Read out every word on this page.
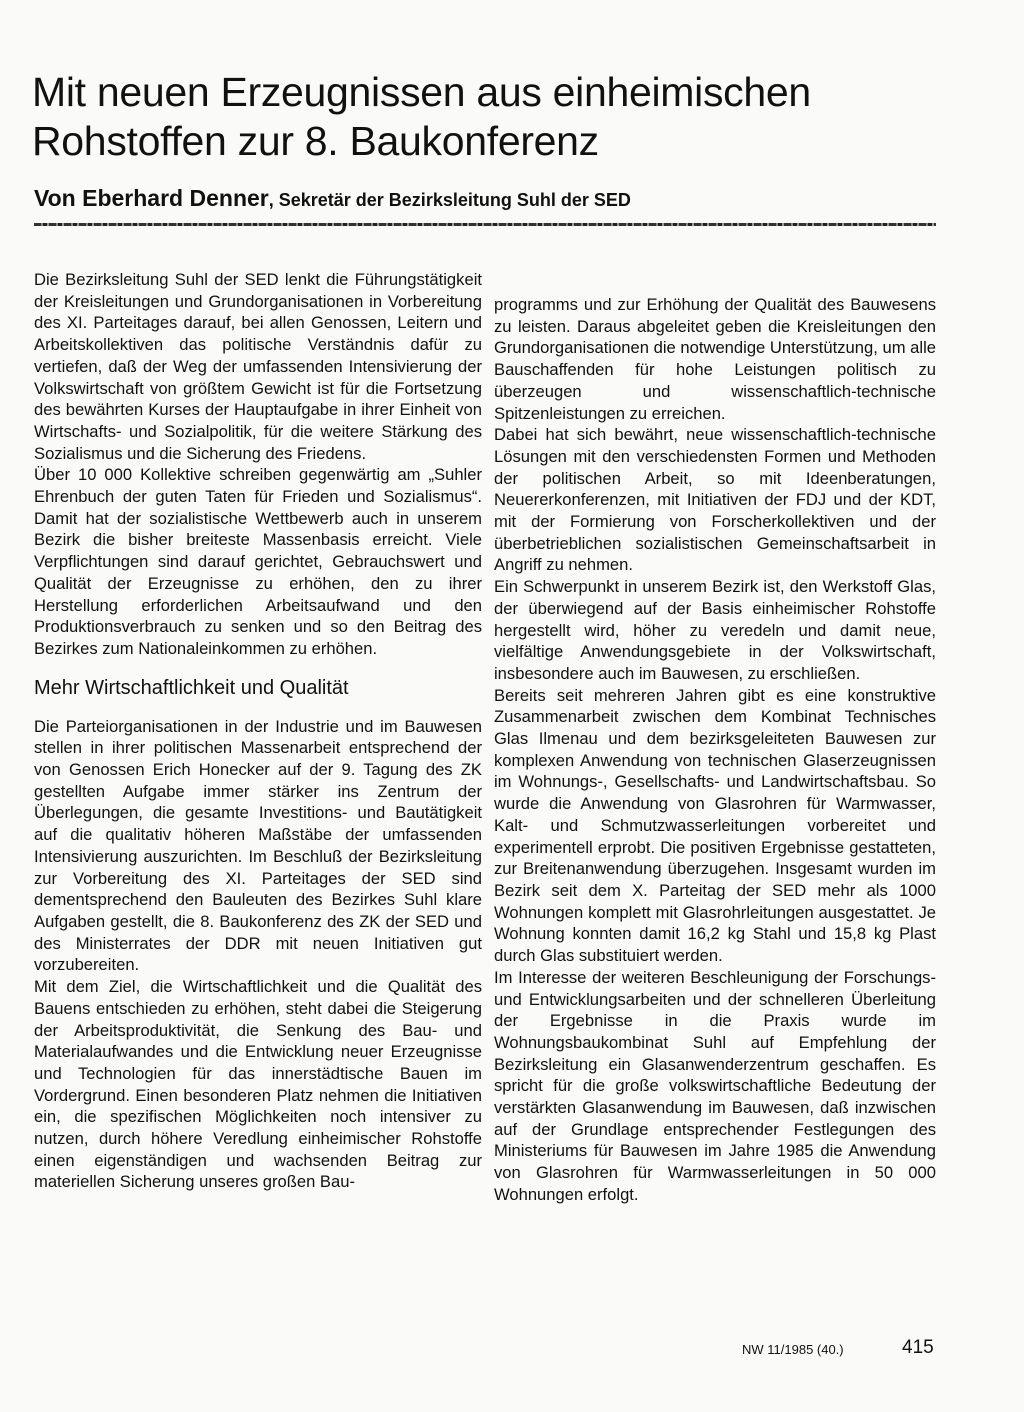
Mit neuen Erzeugnissen aus einheimischen
Rohstoffen zur 8. Baukonferenz
Von Eberhard Denner, Sekretär der Bezirksleitung Suhl der SED

Die Bezirksleitung Suhl der SED lenkt die Führungstätigkeit der Kreisleitungen und Grundorganisationen in Vorbereitung des XI. Parteitages darauf, bei allen Genossen, Leitern und Arbeitskollektiven das politische Verständnis dafür zu vertiefen, daß der Weg der umfassenden Intensivierung der Volkswirtschaft von größtem Gewicht ist für die Fortsetzung des bewährten Kurses der Hauptaufgabe in ihrer Einheit von Wirtschafts- und Sozialpolitik, für die weitere Stärkung des Sozialismus und die Sicherung des Friedens.

Über 10 000 Kollektive schreiben gegenwärtig am „Suhler Ehrenbuch der guten Taten für Frieden und Sozialismus“. Damit hat der sozialistische Wettbewerb auch in unserem Bezirk die bisher breiteste Massenbasis erreicht. Viele Verpflichtungen sind darauf gerichtet, Gebrauchswert und Qualität der Erzeugnisse zu erhöhen, den zu ihrer Herstellung erforderlichen Arbeitsaufwand und den Produktionsverbrauch zu senken und so den Beitrag des Bezirkes zum Nationaleinkommen zu erhöhen.

Mehr Wirtschaftlichkeit und Qualität

Die Parteiorganisationen in der Industrie und im Bauwesen stellen in ihrer politischen Massenarbeit entsprechend der von Genossen Erich Honecker auf der 9. Tagung des ZK gestellten Aufgabe immer stärker ins Zentrum der Überlegungen, die gesamte Investitions- und Bautätigkeit auf die qualitativ höheren Maßstäbe der umfassenden Intensivierung auszurichten. Im Beschluß der Bezirksleitung zur Vorbereitung des XI. Parteitages der SED sind dementsprechend den Bauleuten des Bezirkes Suhl klare Aufgaben gestellt, die 8. Baukonferenz des ZK der SED und des Ministerrates der DDR mit neuen Initiativen gut vorzubereiten.

Mit dem Ziel, die Wirtschaftlichkeit und die Qualität des Bauens entschieden zu erhöhen, steht dabei die Steigerung der Arbeitsproduktivität, die Senkung des Bau- und Materialaufwandes und die Entwicklung neuer Erzeugnisse und Technologien für das innerstädtische Bauen im Vordergrund. Einen besonderen Platz nehmen die Initiativen ein, die spezifischen Möglichkeiten noch intensiver zu nutzen, durch höhere Veredlung einheimischer Rohstoffe einen eigenständigen und wachsenden Beitrag zur materiellen Sicherung unseres großen Bau-

programms und zur Erhöhung der Qualität des Bauwesens zu leisten. Daraus abgeleitet geben die Kreisleitungen den Grundorganisationen die notwendige Unterstützung, um alle Bauschaffenden für hohe Leistungen politisch zu überzeugen und wissenschaftlich-technische Spitzenleistungen zu erreichen.

Dabei hat sich bewährt, neue wissenschaftlich-technische Lösungen mit den verschiedensten Formen und Methoden der politischen Arbeit, so mit Ideenberatungen, Neuererkonferenzen, mit Initiativen der FDJ und der KDT, mit der Formierung von Forscherkollektiven und der überbetrieblichen sozialistischen Gemeinschaftsarbeit in Angriff zu nehmen.

Ein Schwerpunkt in unserem Bezirk ist, den Werkstoff Glas, der überwiegend auf der Basis einheimischer Rohstoffe hergestellt wird, höher zu veredeln und damit neue, vielfältige Anwendungsgebiete in der Volkswirtschaft, insbesondere auch im Bauwesen, zu erschließen.

Bereits seit mehreren Jahren gibt es eine konstruktive Zusammenarbeit zwischen dem Kombinat Technisches Glas Ilmenau und dem bezirksgeleiteten Bauwesen zur komplexen Anwendung von technischen Glaserzeugnissen im Wohnungs-, Gesellschafts- und Landwirtschaftsbau. So wurde die Anwendung von Glasrohren für Warmwasser, Kalt- und Schmutzwasserleitungen vorbereitet und experimentell erprobt. Die positiven Ergebnisse gestatteten, zur Breitenanwendung überzugehen. Insgesamt wurden im Bezirk seit dem X. Parteitag der SED mehr als 1000 Wohnungen komplett mit Glasrohrleitungen ausgestattet. Je Wohnung konnten damit 16,2 kg Stahl und 15,8 kg Plast durch Glas substituiert werden.

Im Interesse der weiteren Beschleunigung der Forschungs- und Entwicklungsarbeiten und der schnelleren Überleitung der Ergebnisse in die Praxis wurde im Wohnungsbaukombinat Suhl auf Empfehlung der Bezirksleitung ein Glasanwenderzentrum geschaffen. Es spricht für die große volkswirtschaftliche Bedeutung der verstärkten Glasanwendung im Bauwesen, daß inzwischen auf der Grundlage entsprechender Festlegungen des Ministeriums für Bauwesen im Jahre 1985 die Anwendung von Glasrohren für Warmwasserleitungen in 50 000 Wohnungen erfolgt.

NW 11/1985 (40.)	415
